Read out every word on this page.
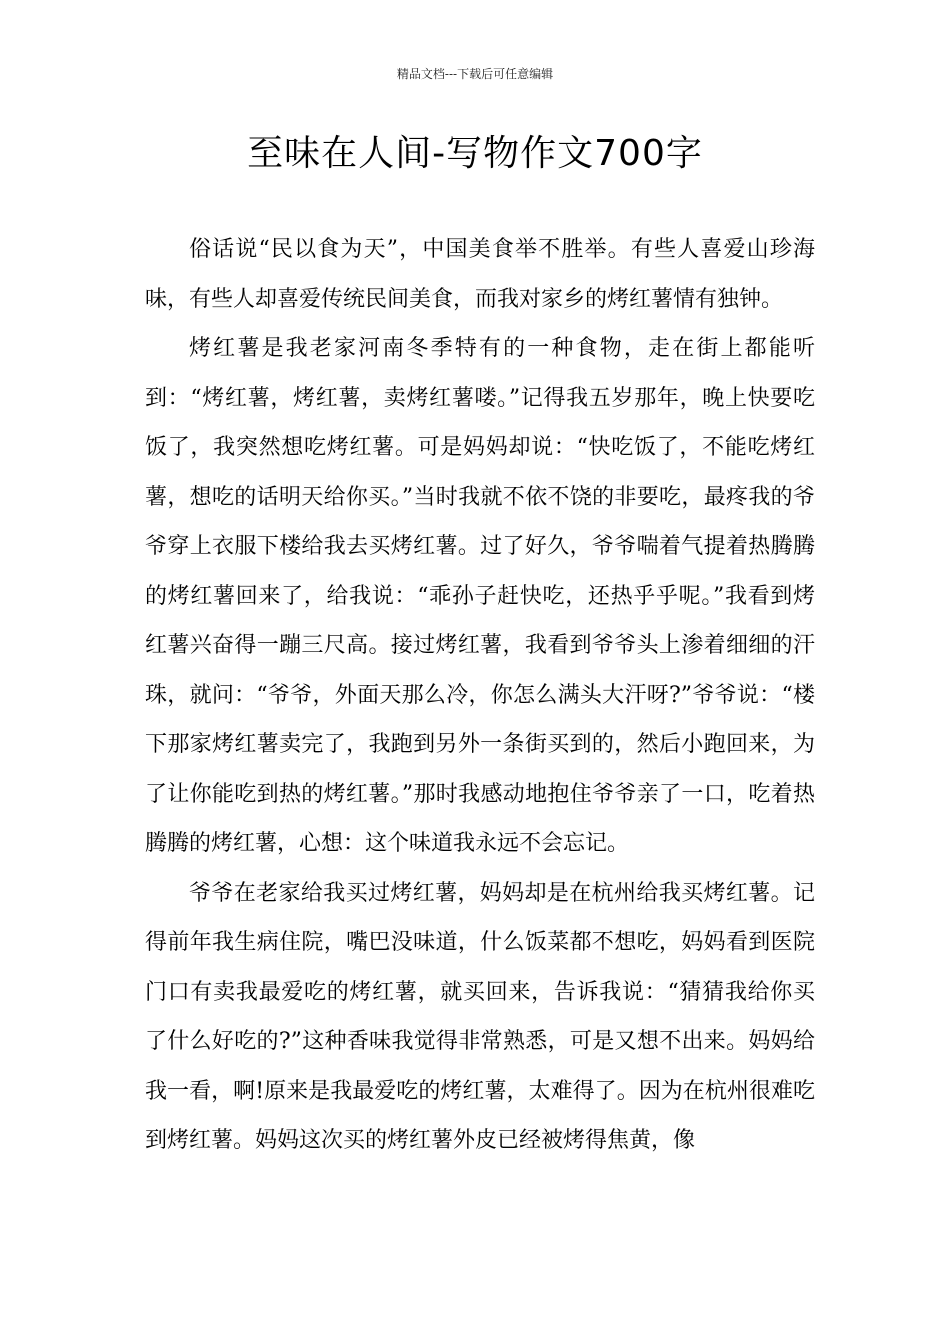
精品文档---下载后可任意编辑
至味在人间-写物作文700字

俗话说“民以食为天”，中国美食举不胜举。有些人喜爱山珍海味，有些人却喜爱传统民间美食，而我对家乡的烤红薯情有独钟。

烤红薯是我老家河南冬季特有的一种食物，走在街上都能听到：“烤红薯，烤红薯，卖烤红薯喽。”记得我五岁那年，晚上快要吃饭了，我突然想吃烤红薯。可是妈妈却说：“快吃饭了，不能吃烤红薯，想吃的话明天给你买。”当时我就不依不饶的非要吃，最疼我的爷爷穿上衣服下楼给我去买烤红薯。过了好久，爷爷喘着气提着热腾腾的烤红薯回来了，给我说：“乖孙子赶快吃，还热乎乎呢。”我看到烤红薯兴奋得一蹦三尺高。接过烤红薯，我看到爷爷头上渗着细细的汗珠，就问：“爷爷，外面天那么冷，你怎么满头大汗呀?”爷爷说：“楼下那家烤红薯卖完了，我跑到另外一条街买到的，然后小跑回来，为了让你能吃到热的烤红薯。”那时我感动地抱住爷爷亲了一口，吃着热腾腾的烤红薯，心想：这个味道我永远不会忘记。

爷爷在老家给我买过烤红薯，妈妈却是在杭州给我买烤红薯。记得前年我生病住院，嘴巴没味道，什么饭菜都不想吃，妈妈看到医院门口有卖我最爱吃的烤红薯，就买回来，告诉我说：“猜猜我给你买了什么好吃的?”这种香味我觉得非常熟悉，可是又想不出来。妈妈给我一看，啊!原来是我最爱吃的烤红薯，太难得了。因为在杭州很难吃到烤红薯。妈妈这次买的烤红薯外皮已经被烤得焦黄，像
